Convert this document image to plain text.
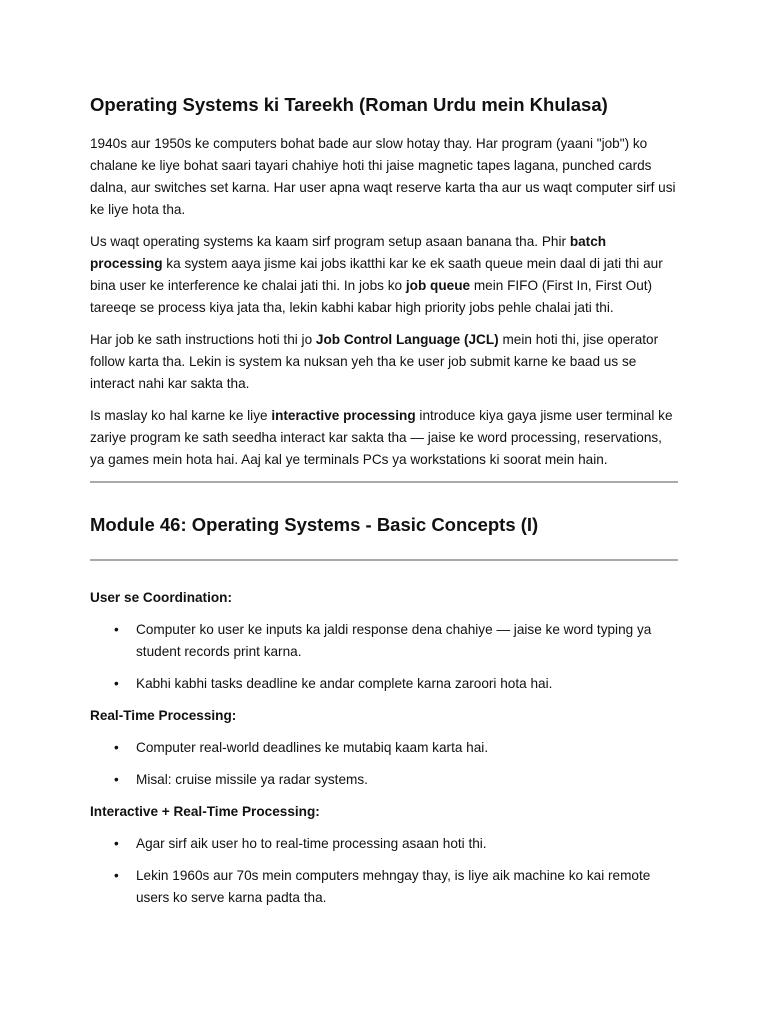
Operating Systems ki Tareekh (Roman Urdu mein Khulasa)

1940s aur 1950s ke computers bohat bade aur slow hotay thay. Har program (yaani "job") ko chalane ke liye bohat saari tayari chahiye hoti thi jaise magnetic tapes lagana, punched cards dalna, aur switches set karna. Har user apna waqt reserve karta tha aur us waqt computer sirf usi ke liye hota tha.

Us waqt operating systems ka kaam sirf program setup asaan banana tha. Phir batch processing ka system aaya jisme kai jobs ikatthi kar ke ek saath queue mein daal di jati thi aur bina user ke interference ke chalai jati thi. In jobs ko job queue mein FIFO (First In, First Out) tareeqe se process kiya jata tha, lekin kabhi kabar high priority jobs pehle chalai jati thi.

Har job ke sath instructions hoti thi jo Job Control Language (JCL) mein hoti thi, jise operator follow karta tha. Lekin is system ka nuksan yeh tha ke user job submit karne ke baad us se interact nahi kar sakta tha.

Is maslay ko hal karne ke liye interactive processing introduce kiya gaya jisme user terminal ke zariye program ke sath seedha interact kar sakta tha — jaise ke word processing, reservations, ya games mein hota hai. Aaj kal ye terminals PCs ya workstations ki soorat mein hain.

Module 46: Operating Systems - Basic Concepts (I)
User se Coordination:
• Computer ko user ke inputs ka jaldi response dena chahiye — jaise ke word typing ya student records print karna.
• Kabhi kabhi tasks deadline ke andar complete karna zaroori hota hai.
Real-Time Processing:
• Computer real-world deadlines ke mutabiq kaam karta hai.
• Misal: cruise missile ya radar systems.
Interactive + Real-Time Processing:
• Agar sirf aik user ho to real-time processing asaan hoti thi.
• Lekin 1960s aur 70s mein computers mehngay thay, is liye aik machine ko kai remote users ko serve karna padta tha.
